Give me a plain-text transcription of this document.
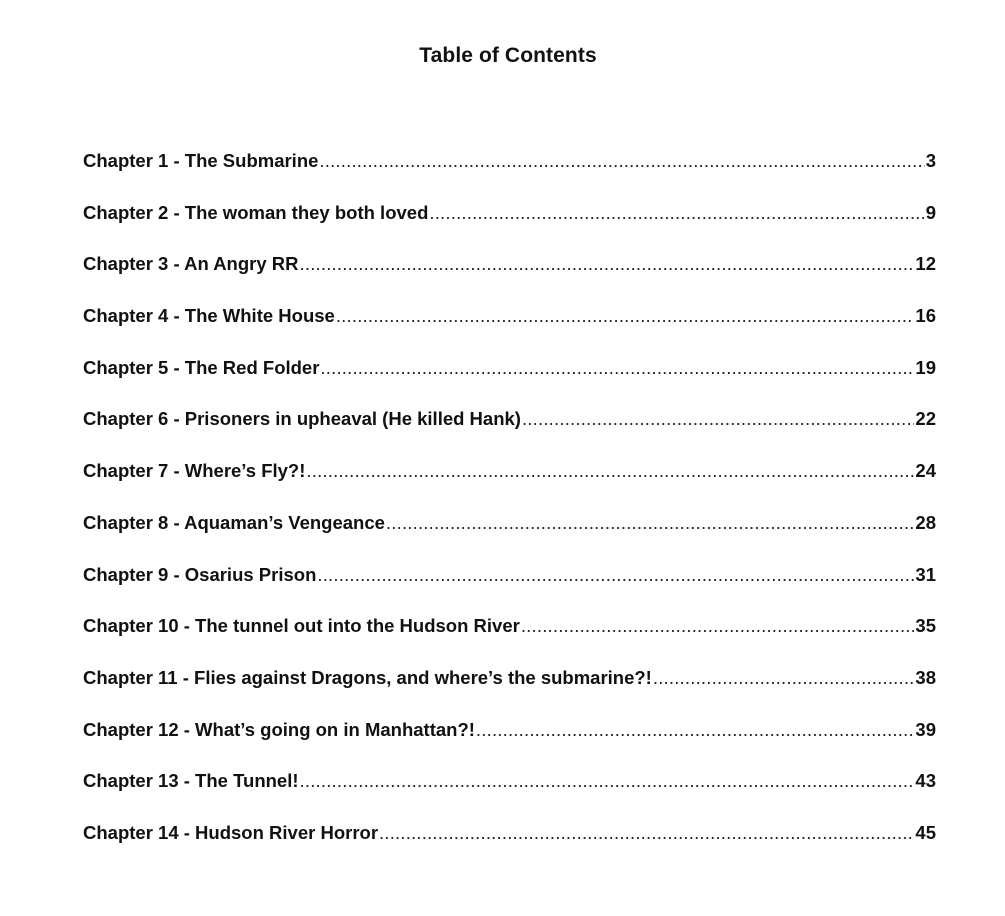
Table of Contents
Chapter 1 - The Submarine .....	3
Chapter 2 - The woman they both loved .....	9
Chapter 3 - An Angry RR .....	12
Chapter 4 - The White House .....	16
Chapter 5 - The Red Folder .....	19
Chapter 6 - Prisoners in upheaval (He killed Hank) .....	22
Chapter 7 - Where’s Fly?! .....	24
Chapter 8 - Aquaman’s Vengeance .....	28
Chapter 9 - Osarius Prison .....	31
Chapter 10 - The tunnel out into the Hudson River .....	35
Chapter 11 - Flies against Dragons, and where’s the submarine?! .....	38
Chapter 12 - What’s going on in Manhattan?! .....	39
Chapter 13 - The Tunnel! .....	43
Chapter 14 - Hudson River Horror .....	45
